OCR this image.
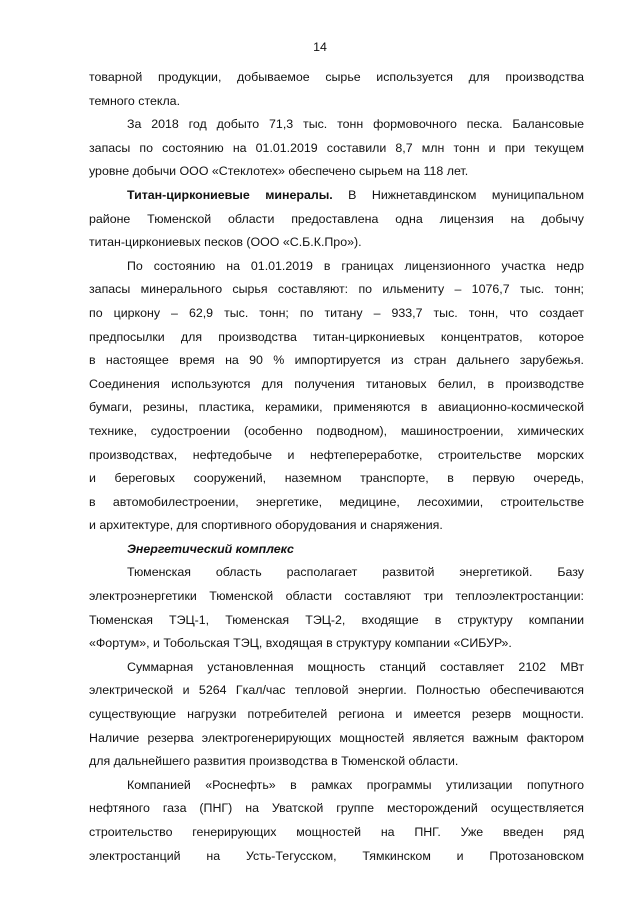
14
товарной продукции, добываемое сырье используется для производства
темного стекла.
За 2018 год добыто 71,3 тыс. тонн формовочного песка. Балансовые
запасы по состоянию на 01.01.2019 составили 8,7 млн тонн и при текущем
уровне добычи ООО «Стеклотех» обеспечено сырьем на 118 лет.
Титан-циркониевые минералы. В Нижнетавдинском муниципальном
районе Тюменской области предоставлена одна лицензия на добычу
титан-циркониевых песков (ООО «С.Б.К.Про»).
По состоянию на 01.01.2019 в границах лицензионного участка недр
запасы минерального сырья составляют: по ильмениту – 1076,7 тыс. тонн;
по циркону – 62,9 тыс. тонн; по титану – 933,7 тыс. тонн, что создает
предпосылки для производства титан-циркониевых концентратов, которое
в настоящее время на 90 % импортируется из стран дальнего зарубежья.
Соединения используются для получения титановых белил, в производстве
бумаги, резины, пластика, керамики, применяются в авиационно-космической
технике, судостроении (особенно подводном), машиностроении, химических
производствах, нефтедобыче и нефтепереработке, строительстве морских
и береговых сооружений, наземном транспорте, в первую очередь,
в автомобилестроении, энергетике, медицине, лесохимии, строительстве
и архитектуре, для спортивного оборудования и снаряжения.
Энергетический комплекс
Тюменская область располагает развитой энергетикой. Базу
электроэнергетики Тюменской области составляют три теплоэлектростанции:
Тюменская ТЭЦ-1, Тюменская ТЭЦ-2, входящие в структуру компании
«Фортум», и Тобольская ТЭЦ, входящая в структуру компании «СИБУР».
Суммарная установленная мощность станций составляет 2102 МВт
электрической и 5264 Гкал/час тепловой энергии. Полностью обеспечиваются
существующие нагрузки потребителей региона и имеется резерв мощности.
Наличие резерва электрогенерирующих мощностей является важным фактором
для дальнейшего развития производства в Тюменской области.
Компанией «Роснефть» в рамках программы утилизации попутного
нефтяного газа (ПНГ) на Уватской группе месторождений осуществляется
строительство генерирующих мощностей на ПНГ. Уже введен ряд
электростанций на Усть-Тегусском, Тямкинском и Протозановском
